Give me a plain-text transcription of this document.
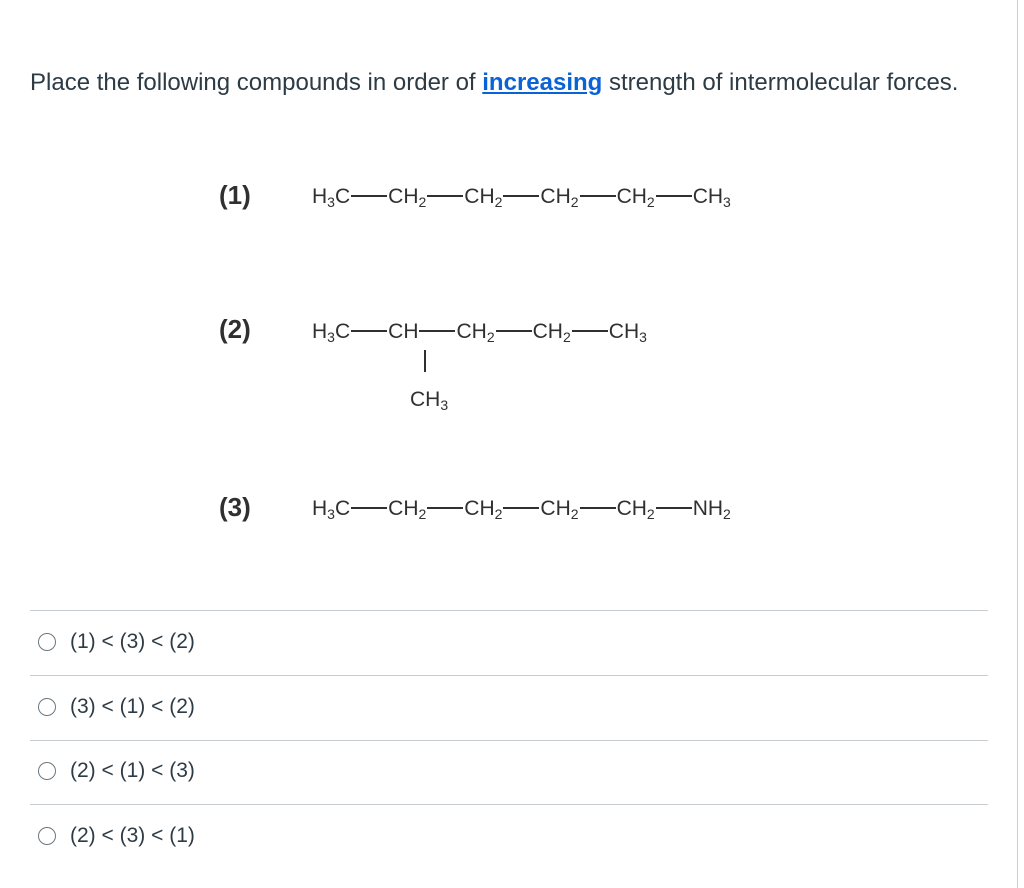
Place the following compounds in order of increasing strength of intermolecular forces.
(1)	$H_3C$ $CH_2$ $CH_2$ $CH_2$ $CH_2$ $CH_3$
(2)	$H_3C$ CH $CH_2$ $CH_2$ $CH_3$
$CH_3$
(3)	$H_3C$ $CH_2$ $CH_2$ $CH_2$ $CH_2$ $NH_2$
(1) < (3) < (2)
(3) < (1) < (2)
(2) < (1) < (3)
(2) < (3) < (1)
